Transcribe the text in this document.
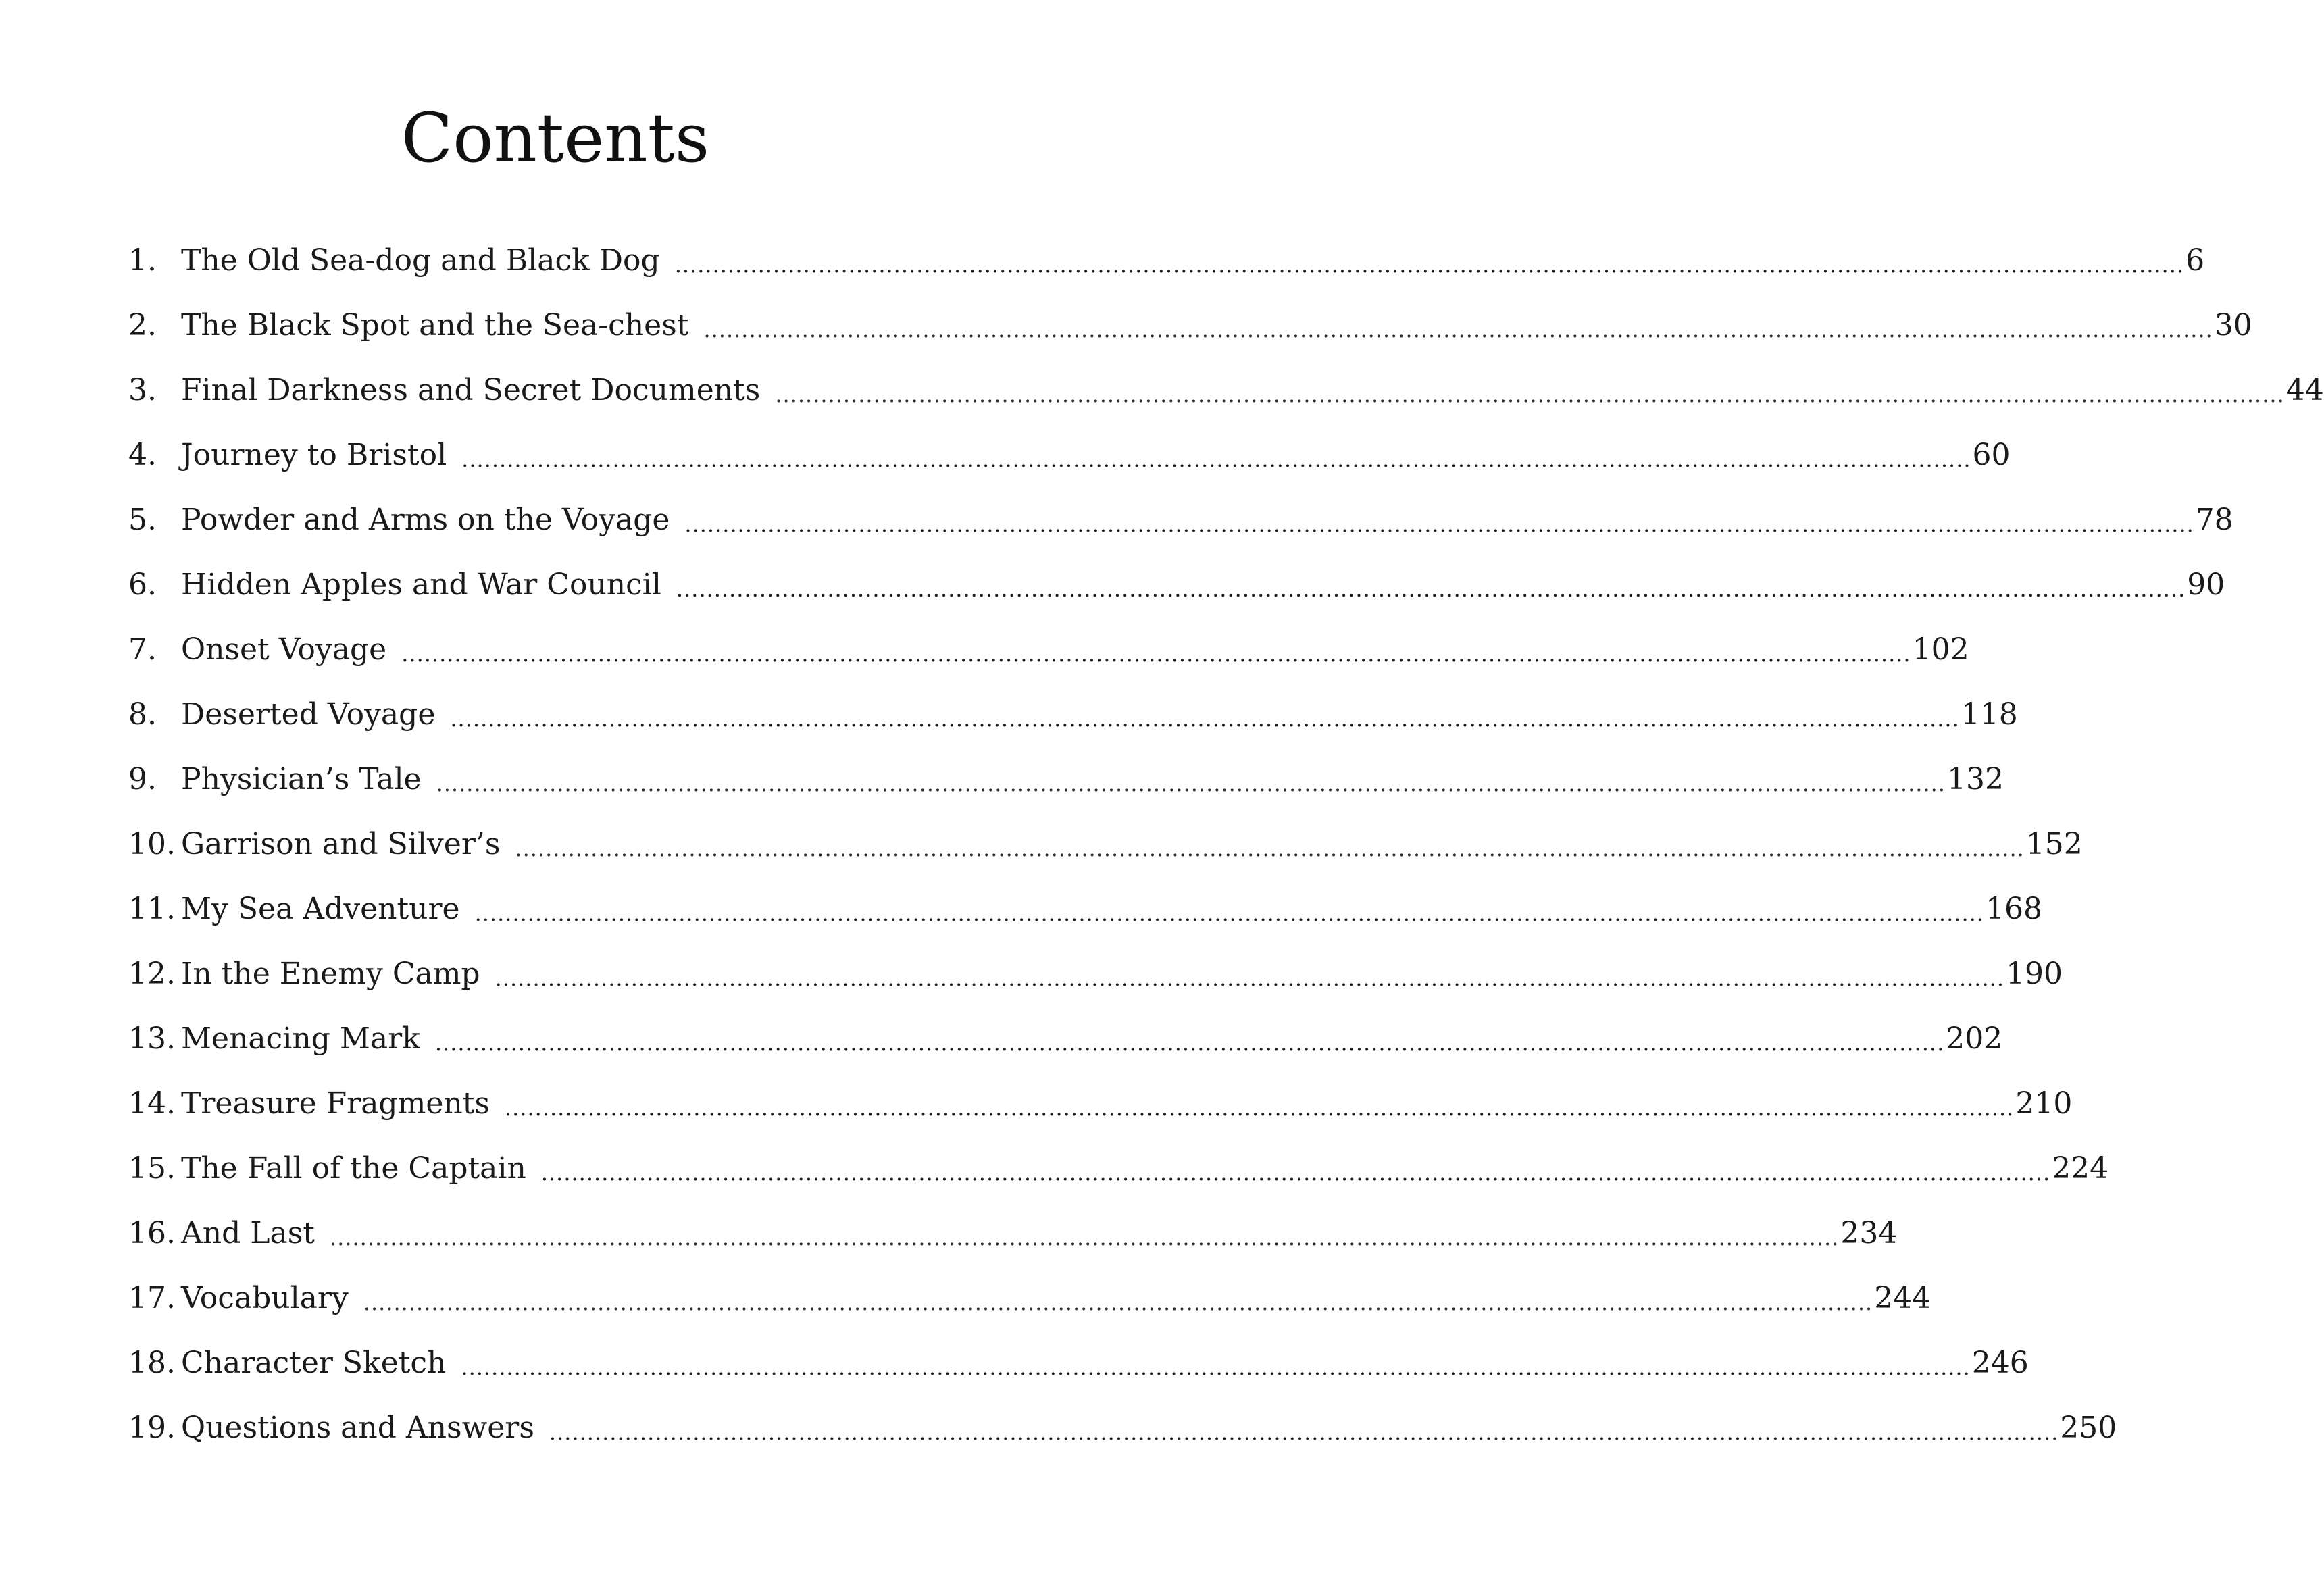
Contents
1. The Old Sea-dog and Black Dog ........................................................................................................................................................................................................ 6
2. The Black Spot and the Sea-chest ........................................................................................................................................................................................................ 30
3. Final Darkness and Secret Documents ........................................................................................................................................................................................................ 44
4. Journey to Bristol ........................................................................................................................................................................................................ 60
5. Powder and Arms on the Voyage ........................................................................................................................................................................................................ 78
6. Hidden Apples and War Council ........................................................................................................................................................................................................ 90
7. Onset Voyage ........................................................................................................................................................................................................ 102
8. Deserted Voyage ........................................................................................................................................................................................................ 118
9. Physician’s Tale ........................................................................................................................................................................................................ 132
10. Garrison and Silver’s ........................................................................................................................................................................................................ 152
11. My Sea Adventure ........................................................................................................................................................................................................ 168
12. In the Enemy Camp ........................................................................................................................................................................................................ 190
13. Menacing Mark ........................................................................................................................................................................................................ 202
14. Treasure Fragments ........................................................................................................................................................................................................ 210
15. The Fall of the Captain ........................................................................................................................................................................................................ 224
16. And Last ........................................................................................................................................................................................................ 234
17. Vocabulary ........................................................................................................................................................................................................ 244
18. Character Sketch ........................................................................................................................................................................................................ 246
19. Questions and Answers ........................................................................................................................................................................................................ 250
